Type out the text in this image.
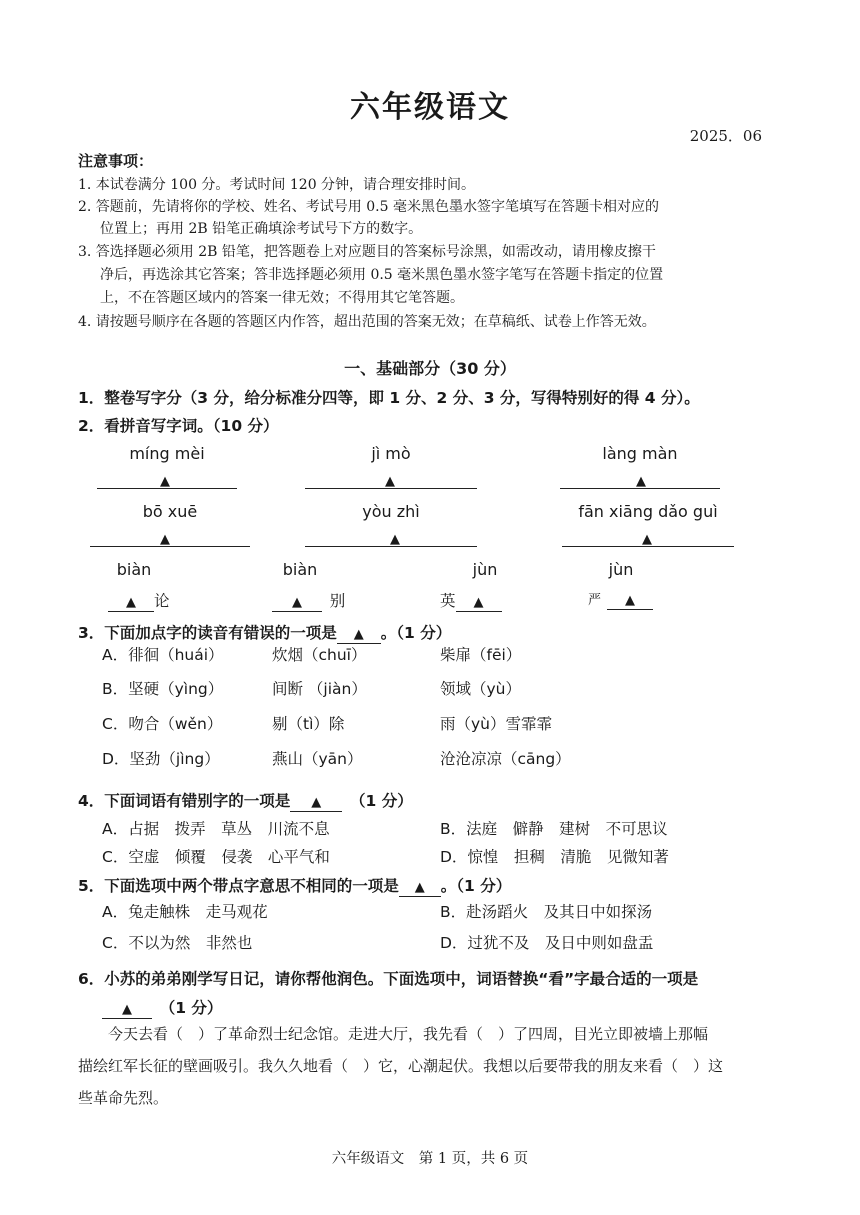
六年级语文
2025．06
注意事项：
1. 本试卷满分 100 分。考试时间 120 分钟，请合理安排时间。
2. 答题前，先请将你的学校、姓名、考试号用 0.5 毫米黑色墨水签字笔填写在答题卡相对应的
位置上；再用 2B 铅笔正确填涂考试号下方的数字。
3. 答选择题必须用 2B 铅笔，把答题卷上对应题目的答案标号涂黑，如需改动，请用橡皮擦干
净后，再选涂其它答案；答非选择题必须用 0.5 毫米黑色墨水签字笔写在答题卡指定的位置
上，不在答题区域内的答案一律无效；不得用其它笔答题。
4. 请按题号顺序在各题的答题区内作答，超出范围的答案无效；在草稿纸、试卷上作答无效。
一、基础部分（30 分）
1．整卷写字分（3 分，给分标准分四等，即 1 分、2 分、3 分，写得特别好的得 4 分）。
2．看拼音写字词。（10 分）
míng mèi	jì mò	làng màn
▲	▲	▲
bō xuē	yòu zhì	fān xiāng dǎo guì
▲	▲	▲
biàn	biàn	jùn	jùn
▲ 论	▲  别	英 ▲	严 ▲
3．下面加点字的读音有错误的一项是 ▲ 。（1 分）
A．徘徊（huái）	炊烟（chuī）	柴扉（fēi）
B．坚硬（yìng）	间断 （jiàn）	领域（yù）
C．吻合（wěn）	剔（tì）除	雨（yù）雪霏霏
D．坚劲（jìng）	燕山（yān）	沧沧凉凉（cāng）
4．下面词语有错别字的一项是 ▲  （1 分）
A．占据　拨弄　草丛　川流不息	B．法庭　僻静　建树　不可思议
C．空虚　倾覆　侵袭　心平气和	D．惊惶　担稠　清脆　见微知著
5．下面选项中两个带点字意思不相同的一项是 ▲ 。（1 分）
A．兔走触株　走马观花	B．赴汤蹈火　及其日中如探汤
C．不以为然　非然也	D．过犹不及　及日中则如盘盂
6．小苏的弟弟刚学写日记，请你帮他润色。下面选项中，词语替换“看”字最合适的一项是
▲  （1 分）
今天去看（　）了革命烈士纪念馆。走进大厅，我先看（　）了四周，目光立即被墙上那幅
描绘红军长征的壁画吸引。我久久地看（　）它，心潮起伏。我想以后要带我的朋友来看（　）这
些革命先烈。
六年级语文　第 1 页，共 6 页
